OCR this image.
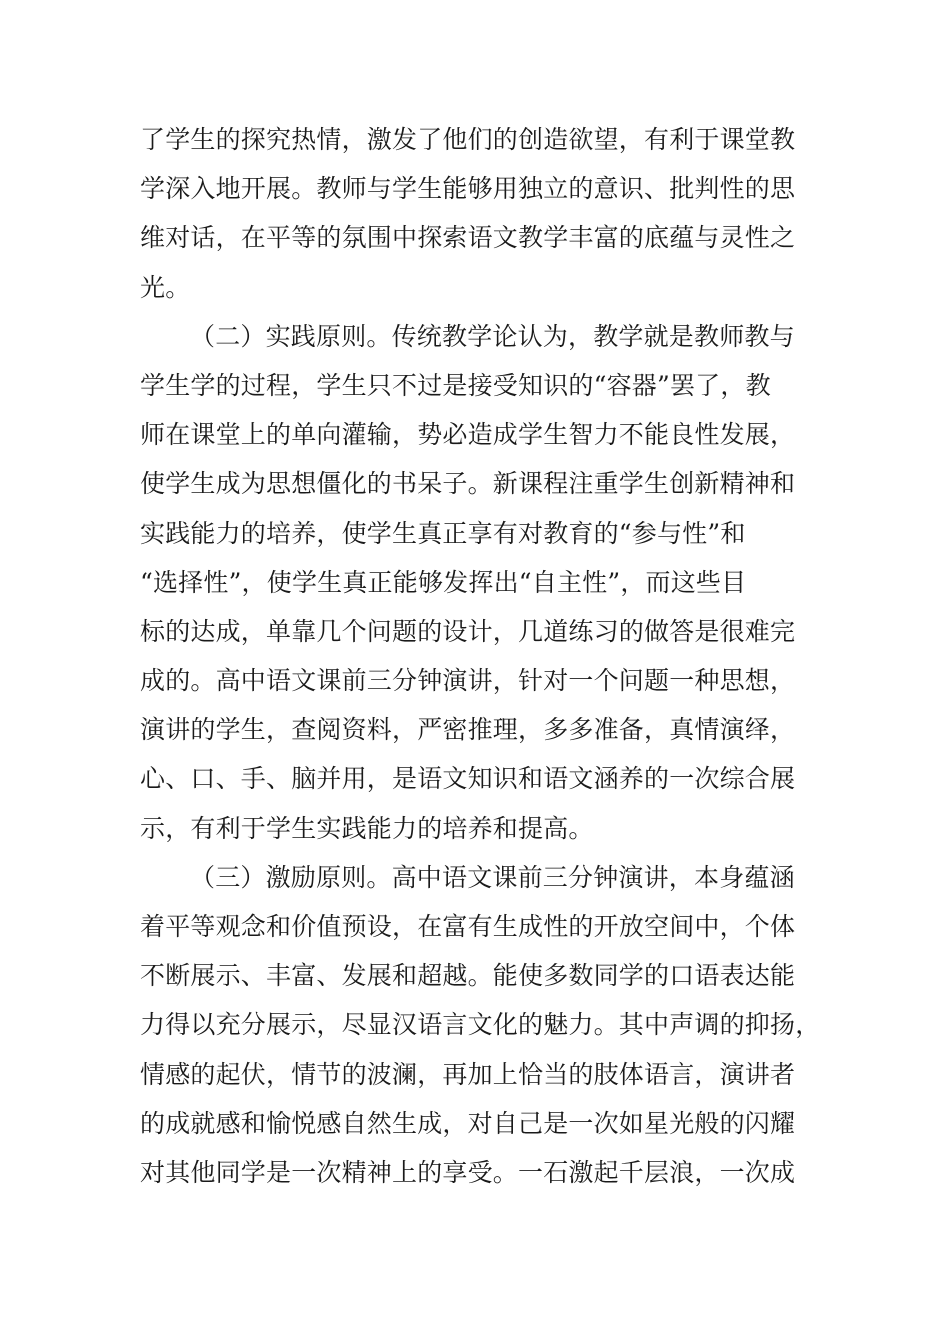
了学生的探究热情，激发了他们的创造欲望，有利于课堂教
学深入地开展。教师与学生能够用独立的意识、批判性的思
维对话，在平等的氛围中探索语文教学丰富的底蕴与灵性之
光。
（二）实践原则。传统教学论认为，教学就是教师教与
学生学的过程，学生只不过是接受知识的“容器”罢了，教
师在课堂上的单向灌输，势必造成学生智力不能良性发展，
使学生成为思想僵化的书呆子。新课程注重学生创新精神和
实践能力的培养，使学生真正享有对教育的“参与性”和
“选择性”，使学生真正能够发挥出“自主性”，而这些目
标的达成，单靠几个问题的设计，几道练习的做答是很难完
成的。高中语文课前三分钟演讲，针对一个问题一种思想，
演讲的学生，查阅资料，严密推理，多多准备，真情演绎，
心、口、手、脑并用，是语文知识和语文涵养的一次综合展
示，有利于学生实践能力的培养和提高。
（三）激励原则。高中语文课前三分钟演讲，本身蕴涵
着平等观念和价值预设，在富有生成性的开放空间中，个体
不断展示、丰富、发展和超越。能使多数同学的口语表达能
力得以充分展示，尽显汉语言文化的魅力。其中声调的抑扬，
情感的起伏，情节的波澜，再加上恰当的肢体语言，演讲者
的成就感和愉悦感自然生成，对自己是一次如星光般的闪耀
对其他同学是一次精神上的享受。一石激起千层浪，一次成
